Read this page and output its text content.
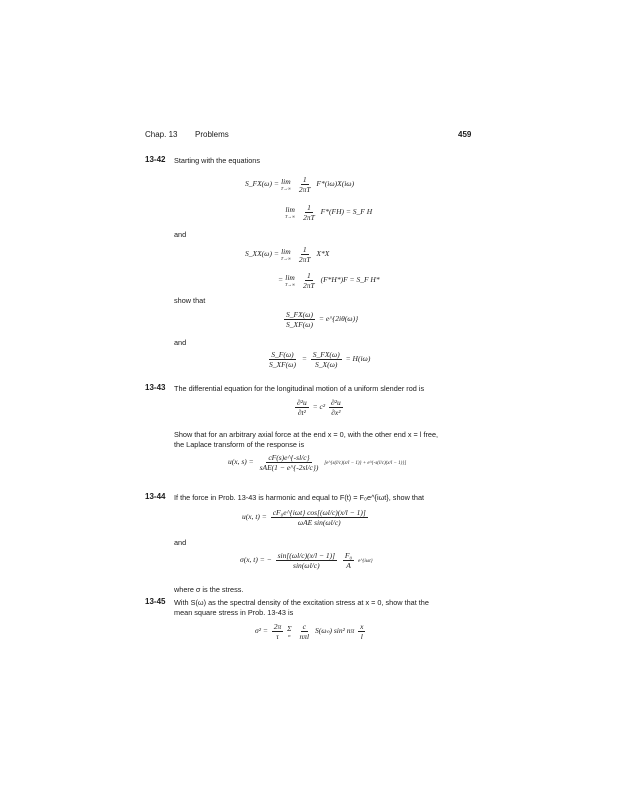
Chap. 13 Problems	459
13-42 Starting with the equations
S_FX(ω) = lim
T→∞
$\frac{1}{2\pi T} F*(i\omega)X(i\omega)$
lim
T→∞
$\frac{1}{2\pi T} F*(FH)$ = S_F H
and
S_XX(ω) = lim
T→∞
$\frac{1}{2\pi T} X*X$
= lim
T→∞
$\frac{1}{2\pi T} (F*H*)F$ = S_F H*
show that
$\frac{S\_FX(\omega)}{S\_XF(\omega)}$ = e^{2iθ(ω)}
and
$\frac{S\_F(\omega)}{S\_XF(\omega)} = \frac{S\_FX(\omega)}{S\_X(\omega)} = H(i\omega)$
13-43 The differential equation for the longitudinal motion of a uniform slender rod is
$\frac{\text{∂²u}}{\text{∂t²}} = c^2 \frac{\text{∂²u}}{\text{∂x²}}$
Show that for an arbitrary axial force at the end x = 0, with the other end x = l free,
the Laplace transform of the response is
u(x, $s) = \frac{cF(s)e\^{}\{-sl/c\}}{\text{sAE(1 − e\textasciicircum{}\{-2sl/c\})}}$ [e^{s(l/c)(x/l − 1)} + e^{-s(l/c)(x/l − 1)}]
13-44 If the force in Prob. 13-43 is harmonic and equal to F(t) = F₀e^{iωt}, show that
u(x, $t) = \frac{\text{cF₀e\textasciicircum{}\{iωt\} cos[(ωl/c)(x/l − 1)]}}{\text{ωAE sin(ωl/c)}}$
and
σ(x, t) = − $\frac{\sin[(\omega l/c)(x/l - 1)]}{\sin(\omega l/c)}$
$\frac{\text{F₀}}{A}$ e^{iωt}
where σ is the stress.
13-45 With S(ω) as the spectral density of the excitation stress at x = 0, show that the
mean square stress in Prob. 13-43 is
$\sigma^2 = \frac{2\pi}{\tau}$
Σ
n
$\frac{c}{\text{nπl}} S(\omega_n)$ sin² nπ $\frac{x}{l}$
